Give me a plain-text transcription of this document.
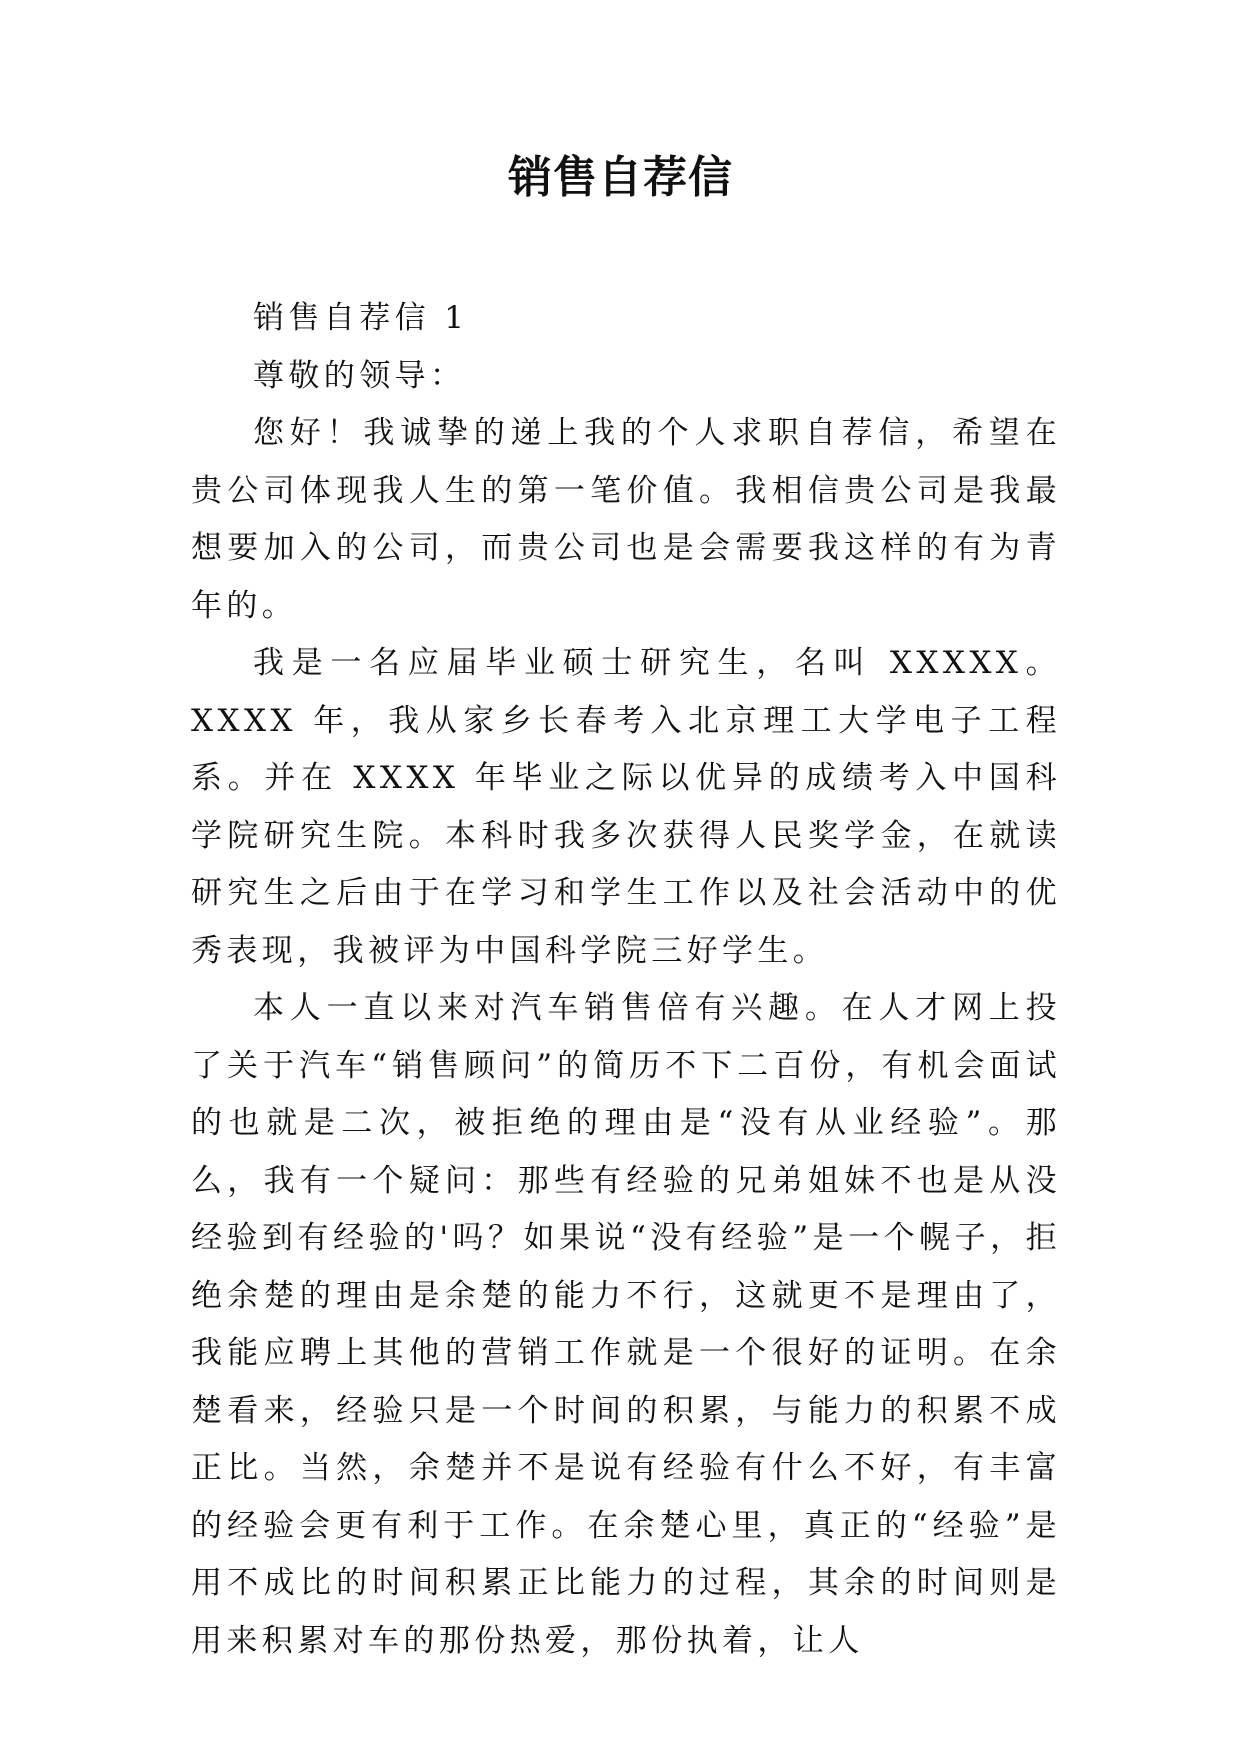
销售自荐信

销售自荐信 1

尊敬的领导：

您好！我诚挚的递上我的个人求职自荐信，希望在贵公司体现我人生的第一笔价值。我相信贵公司是我最想要加入的公司，而贵公司也是会需要我这样的有为青年的。

我是一名应届毕业硕士研究生，名叫 XXXXX。XXXX 年，我从家乡长春考入北京理工大学电子工程系。并在 XXXX 年毕业之际以优异的成绩考入中国科学院研究生院。本科时我多次获得人民奖学金，在就读研究生之后由于在学习和学生工作以及社会活动中的优秀表现，我被评为中国科学院三好学生。

本人一直以来对汽车销售倍有兴趣。在人才网上投了关于汽车“销售顾问”的简历不下二百份，有机会面试的也就是二次，被拒绝的理由是“没有从业经验”。那么，我有一个疑问：那些有经验的兄弟姐妹不也是从没经验到有经验的'吗？如果说“没有经验”是一个幌子，拒绝余楚的理由是余楚的能力不行，这就更不是理由了，我能应聘上其他的营销工作就是一个很好的证明。在余楚看来，经验只是一个时间的积累，与能力的积累不成正比。当然，余楚并不是说有经验有什么不好，有丰富的经验会更有利于工作。在余楚心里，真正的“经验”是用不成比的时间积累正比能力的过程，其余的时间则是用来积累对车的那份热爱，那份执着，让人
